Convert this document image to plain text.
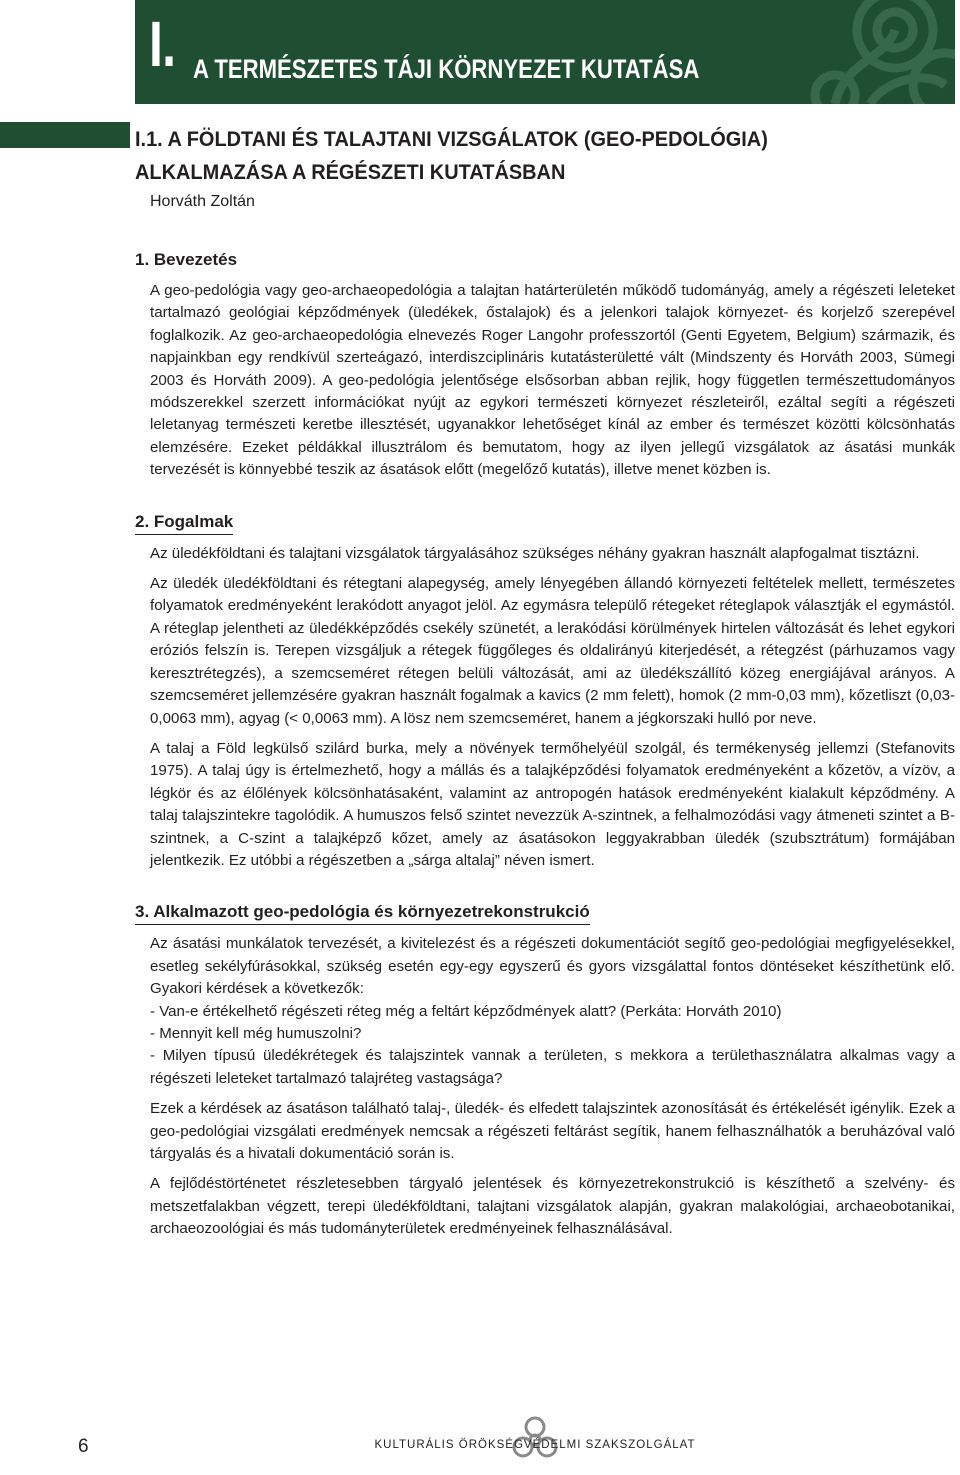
I. A TERMÉSZETES TÁJI KÖRNYEZET KUTATÁSA
I.1. A FÖLDTANI ÉS TALAJTANI VIZSGÁLATOK (GEO-PEDOLÓGIA)
ALKALMAZÁSA A RÉGÉSZETI KUTATÁSBAN
Horváth Zoltán
1. Bevezetés

A geo-pedológia vagy geo-archaeopedológia a talajtan határterületén működő tudományág, amely a régészeti leleteket tartalmazó geológiai képződmények (üledékek, őstalajok) és a jelenkori talajok környezet- és korjelző szerepével foglalkozik. Az geo-archaeopedológia elnevezés Roger Langohr professzortól (Genti Egyetem, Belgium) származik, és napjainkban egy rendkívül szerteágazó, interdiszciplináris kutatásterületté vált (Mindszenty és Horváth 2003, Sümegi 2003 és Horváth 2009). A geo-pedológia jelentősége elsősorban abban rejlik, hogy független természettudományos módszerekkel szerzett információkat nyújt az egykori természeti környezet részleteiről, ezáltal segíti a régészeti leletanyag természeti keretbe illesztését, ugyanakkor lehetőséget kínál az ember és természet közötti kölcsönhatás elemzésére. Ezeket példákkal illusztrálom és bemutatom, hogy az ilyen jellegű vizsgálatok az ásatási munkák tervezését is könnyebbé teszik az ásatások előtt (megelőző kutatás), illetve menet közben is.

2. Fogalmak

Az üledékföldtani és talajtani vizsgálatok tárgyalásához szükséges néhány gyakran használt alapfogalmat tisztázni.

Az üledék üledékföldtani és rétegtani alapegység, amely lényegében állandó környezeti feltételek mellett, természetes folyamatok eredményeként lerakódott anyagot jelöl. Az egymásra települő rétegeket réteglapok választják el egymástól. A réteglap jelentheti az üledékképződés csekély szünetét, a lerakódási körülmények hirtelen változását és lehet egykori eróziós felszín is. Terepen vizsgáljuk a rétegek függőleges és oldalirányú kiterjedését, a rétegzést (párhuzamos vagy keresztrétegzés), a szemcseméret rétegen belüli változását, ami az üledékszállító közeg energiájával arányos. A szemcseméret jellemzésére gyakran használt fogalmak a kavics (2 mm felett), homok (2 mm-0,03 mm), kőzetliszt (0,03-0,0063 mm), agyag (< 0,0063 mm). A lösz nem szemcseméret, hanem a jégkorszaki hulló por neve.

A talaj a Föld legkülső szilárd burka, mely a növények termőhelyéül szolgál, és termékenység jellemzi (Stefanovits 1975). A talaj úgy is értelmezhető, hogy a mállás és a talajképződési folyamatok eredményeként a kőzetöv, a vízöv, a légkör és az élőlények kölcsönhatásaként, valamint az antropogén hatások eredményeként kialakult képződmény. A talaj talajszintekre tagolódik. A humuszos felső szintet nevezzük A-szintnek, a felhalmozódási vagy átmeneti szintet a B-szintnek, a C-szint a talajképző kőzet, amely az ásatásokon leggyakrabban üledék (szubsztrátum) formájában jelentkezik. Ez utóbbi a régészetben a „sárga altalaj” néven ismert.

3. Alkalmazott geo-pedológia és környezetrekonstrukció

Az ásatási munkálatok tervezését, a kivitelezést és a régészeti dokumentációt segítő geo-pedológiai megfigyelésekkel, esetleg sekélyfúrásokkal, szükség esetén egy-egy egyszerű és gyors vizsgálattal fontos döntéseket készíthetünk elő. Gyakori kérdések a következők:

- Van-e értékelhető régészeti réteg még a feltárt képződmények alatt? (Perkáta: Horváth 2010)

- Mennyit kell még humuszolni?

- Milyen típusú üledékrétegek és talajszintek vannak a területen, s mekkora a területhasználatra alkalmas vagy a régészeti leleteket tartalmazó talajréteg vastagsága?

Ezek a kérdések az ásatáson található talaj-, üledék- és elfedett talajszintek azonosítását és értékelését igénylik. Ezek a geo-pedológiai vizsgálati eredmények nemcsak a régészeti feltárást segítik, hanem felhasználhatók a beruházóval való tárgyalás és a hivatali dokumentáció során is.

A fejlődéstörténetet részletesebben tárgyaló jelentések és környezetrekonstrukció is készíthető a szelvény- és metszetfalakban végzett, terepi üledékföldtani, talajtani vizsgálatok alapján, gyakran malakológiai, archaeobotanikai, archaeozoológiai és más tudományterületek eredményeinek felhasználásával.

6	KULTURÁLIS ÖRÖKSÉGVÉDELMI SZAKSZOLGÁLAT
